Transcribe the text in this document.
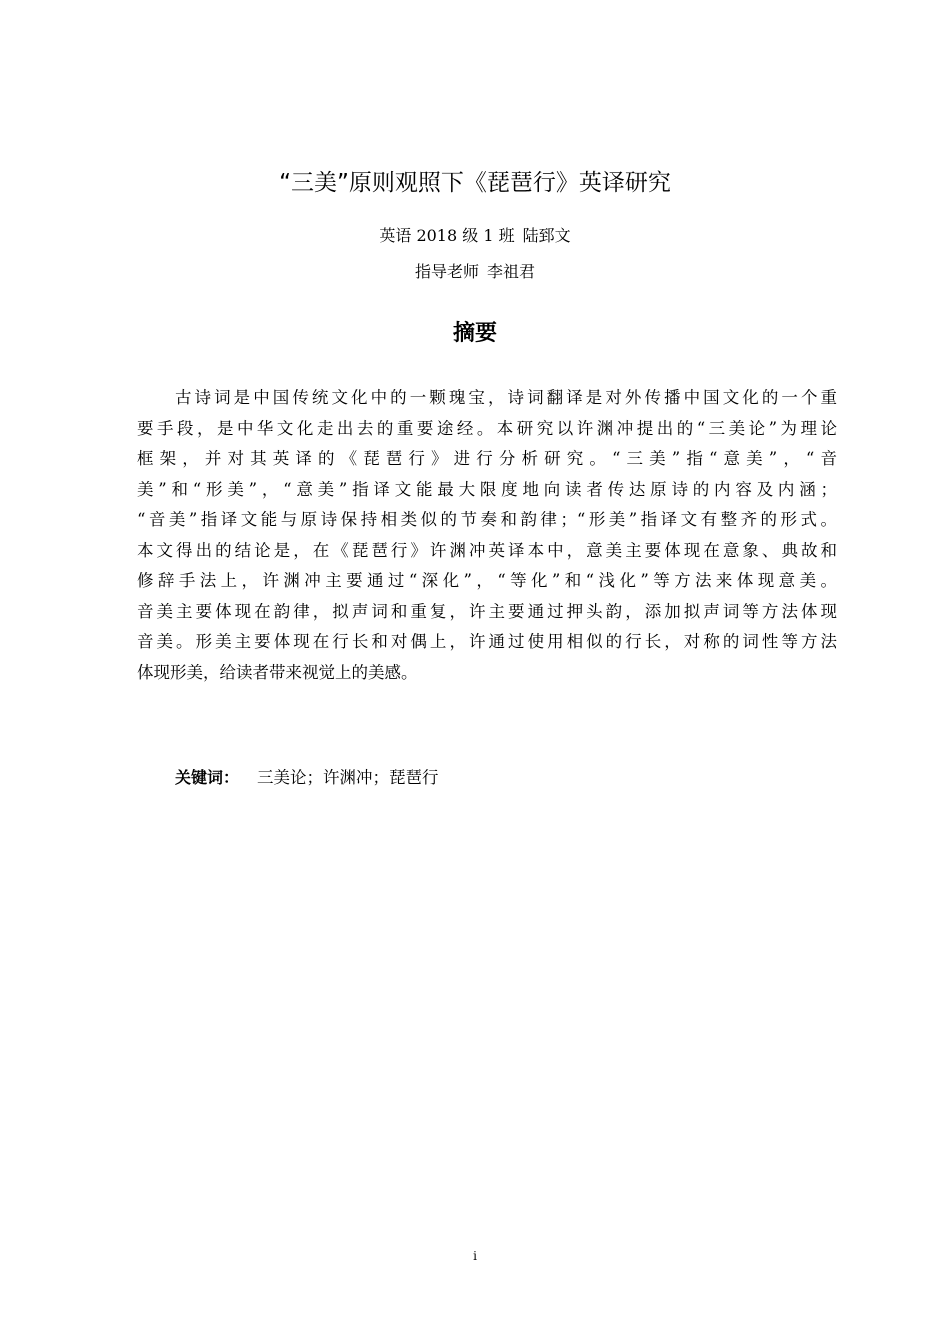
“三美”原则观照下《琵琶行》英译研究
英语 2018 级 1 班 陆郅文
指导老师 李祖君
摘要
古诗词是中国传统文化中的一颗瑰宝，诗词翻译是对外传播中国文化的一个重
要手段，是中华文化走出去的重要途经。本研究以许渊冲提出的“三美论”为理论
框架，并对其英译的《琵琶行》进行分析研究。“三美”指“意美”，“音
美”和“形美”，“意美”指译文能最大限度地向读者传达原诗的内容及内涵；
“音美”指译文能与原诗保持相类似的节奏和韵律；“形美”指译文有整齐的形式。
本文得出的结论是，在《琵琶行》许渊冲英译本中，意美主要体现在意象、典故和
修辞手法上，许渊冲主要通过“深化”，“等化”和“浅化”等方法来体现意美。
音美主要体现在韵律，拟声词和重复，许主要通过押头韵，添加拟声词等方法体现
音美。形美主要体现在行长和对偶上，许通过使用相似的行长，对称的词性等方法
体现形美，给读者带来视觉上的美感。
关键词： 三美论；许渊冲；琵琶行
i
